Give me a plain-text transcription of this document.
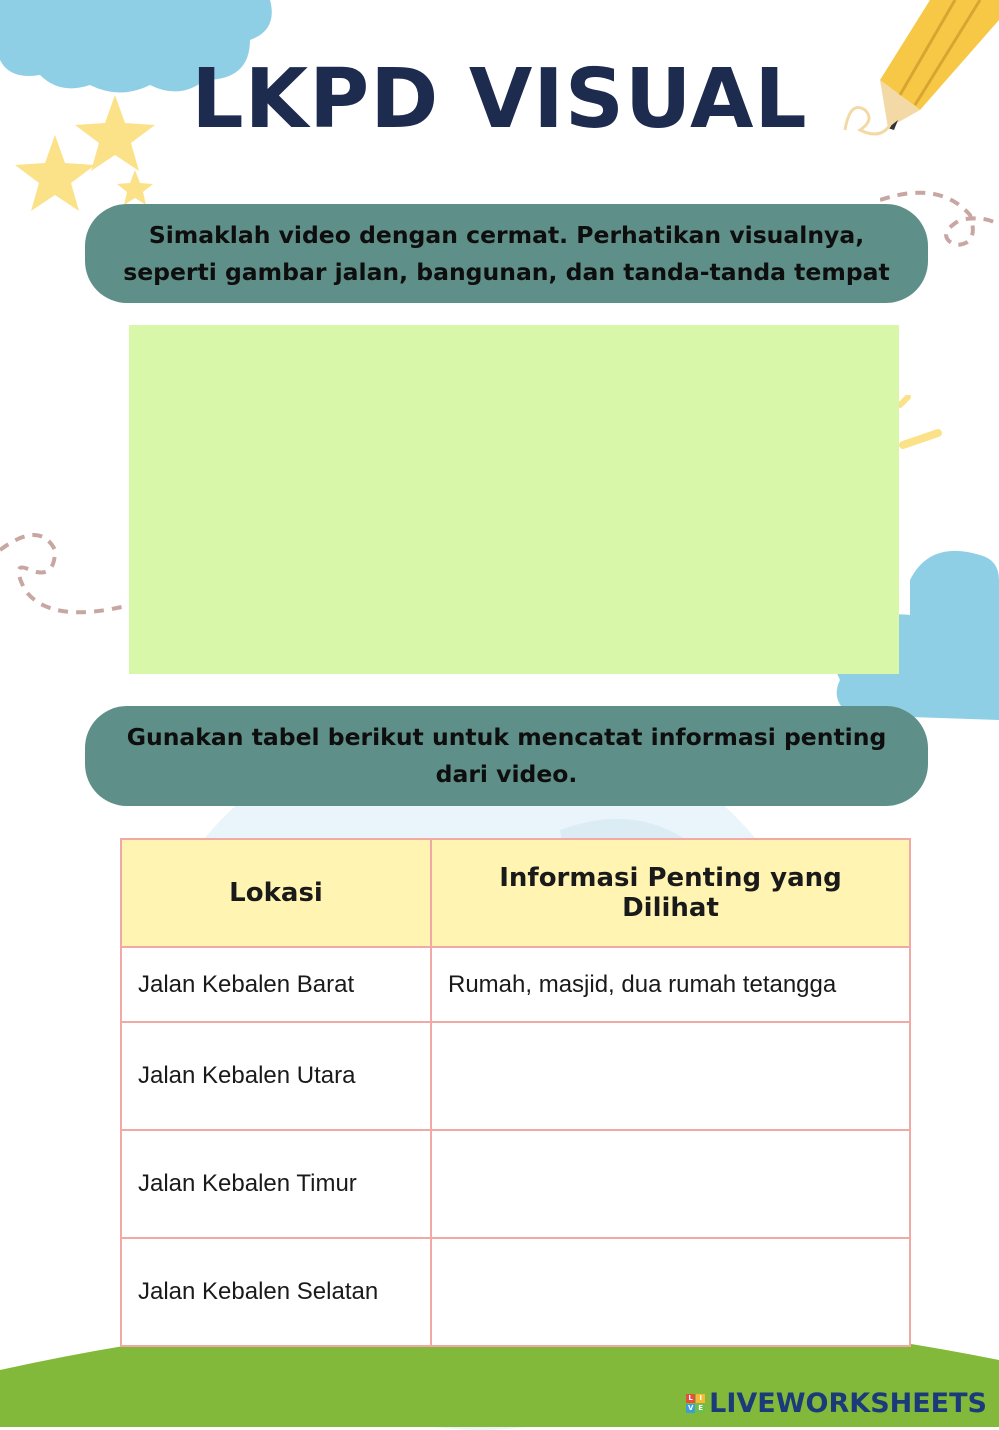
LKPD VISUAL
Simaklah video dengan cermat. Perhatikan visualnya, seperti gambar jalan, bangunan, dan tanda-tanda tempat
Gunakan tabel berikut untuk mencatat informasi penting dari video.
Lokasi	Informasi Penting yang Dilihat
Jalan Kebalen Barat	Rumah, masjid, dua rumah tetangga
Jalan Kebalen Utara	
Jalan Kebalen Timur	
Jalan Kebalen Selatan	
L I
V E LIVEWORKSHEETS
